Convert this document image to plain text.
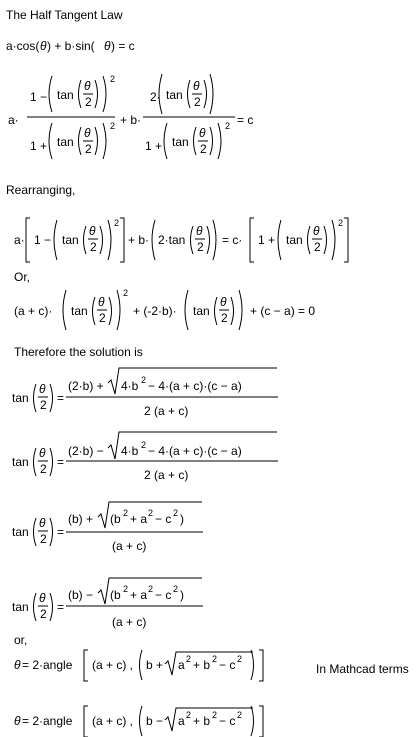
The Half Tangent Law
Rearranging,
Or,
Therefore the solution is
or,
In Mathcad terms
a·cos( θ ) + b·sin( θ ) = c
a·
1 − tan
θ
2
2
1 + tan
θ
2
2 + b·
2· tan
θ
2
1 + tan
θ
2
2 = c
a· 1 − tan
θ
2
2
+ b· 2·tan
θ
2 = c· 1 + tan
θ
2
2
(a + c)· tan
θ
2
2
+ (-2·b)· tan
θ
2 + (c − a) = 0
tan
θ
2 =
(2·b) + 4·b 2 − 4·(a + c)·(c − a)
2 (a + c)
tan
θ
2 =
(2·b) − 4·b 2 − 4·(a + c)·(c − a)
2 (a + c)
tan
θ
2 =
(b) + (b 2 + a 2 − c 2 )
(a + c)
tan
θ
2 =
(b) − (b 2 + a 2 − c 2 )
(a + c)
θ = 2·angle (a + c) , b + a 2 + b 2 − c 2
θ = 2·angle (a + c) , b − a 2 + b 2 − c 2
